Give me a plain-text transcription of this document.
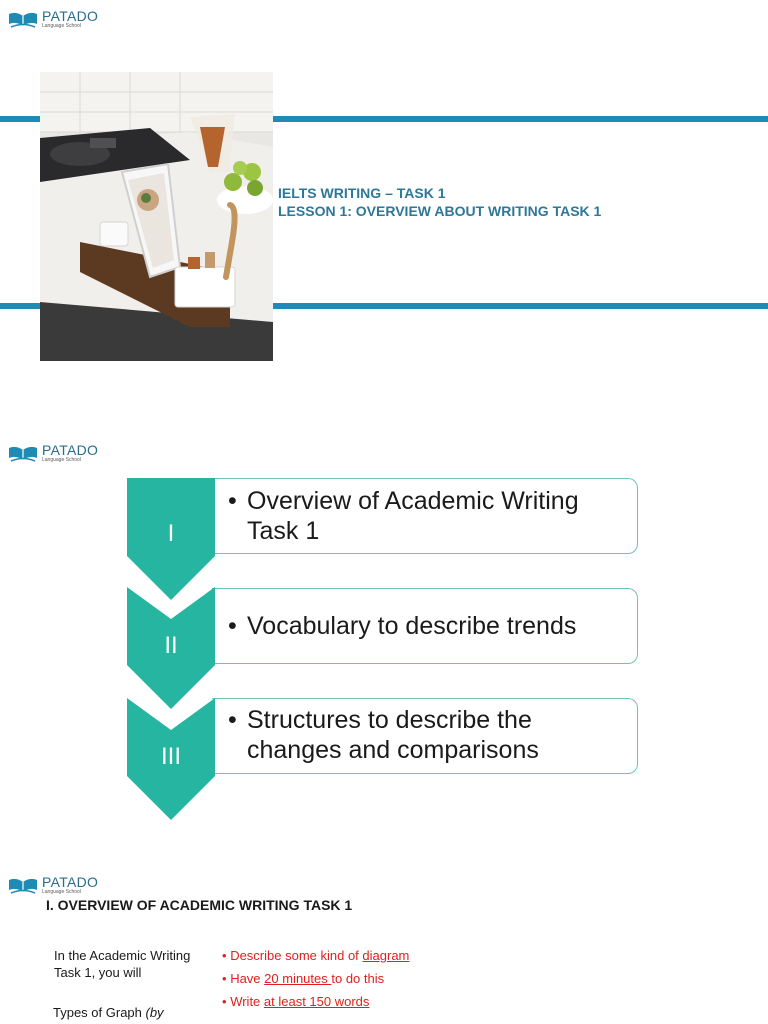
PATADO
Language School
IELTS WRITING – TASK 1
LESSON 1: OVERVIEW ABOUT WRITING TASK 1
PATADO
Language School
I
• Overview of Academic Writing Task 1
II
• Vocabulary to describe trends
III
• Structures to describe the changes and comparisons
PATADO
Language School
I. OVERVIEW OF ACADEMIC WRITING TASK 1
In the Academic Writing Task 1, you will
Types of Graph (by
• Describe some kind of diagram
• Have 20 minutes to do this
• Write at least 150 words
